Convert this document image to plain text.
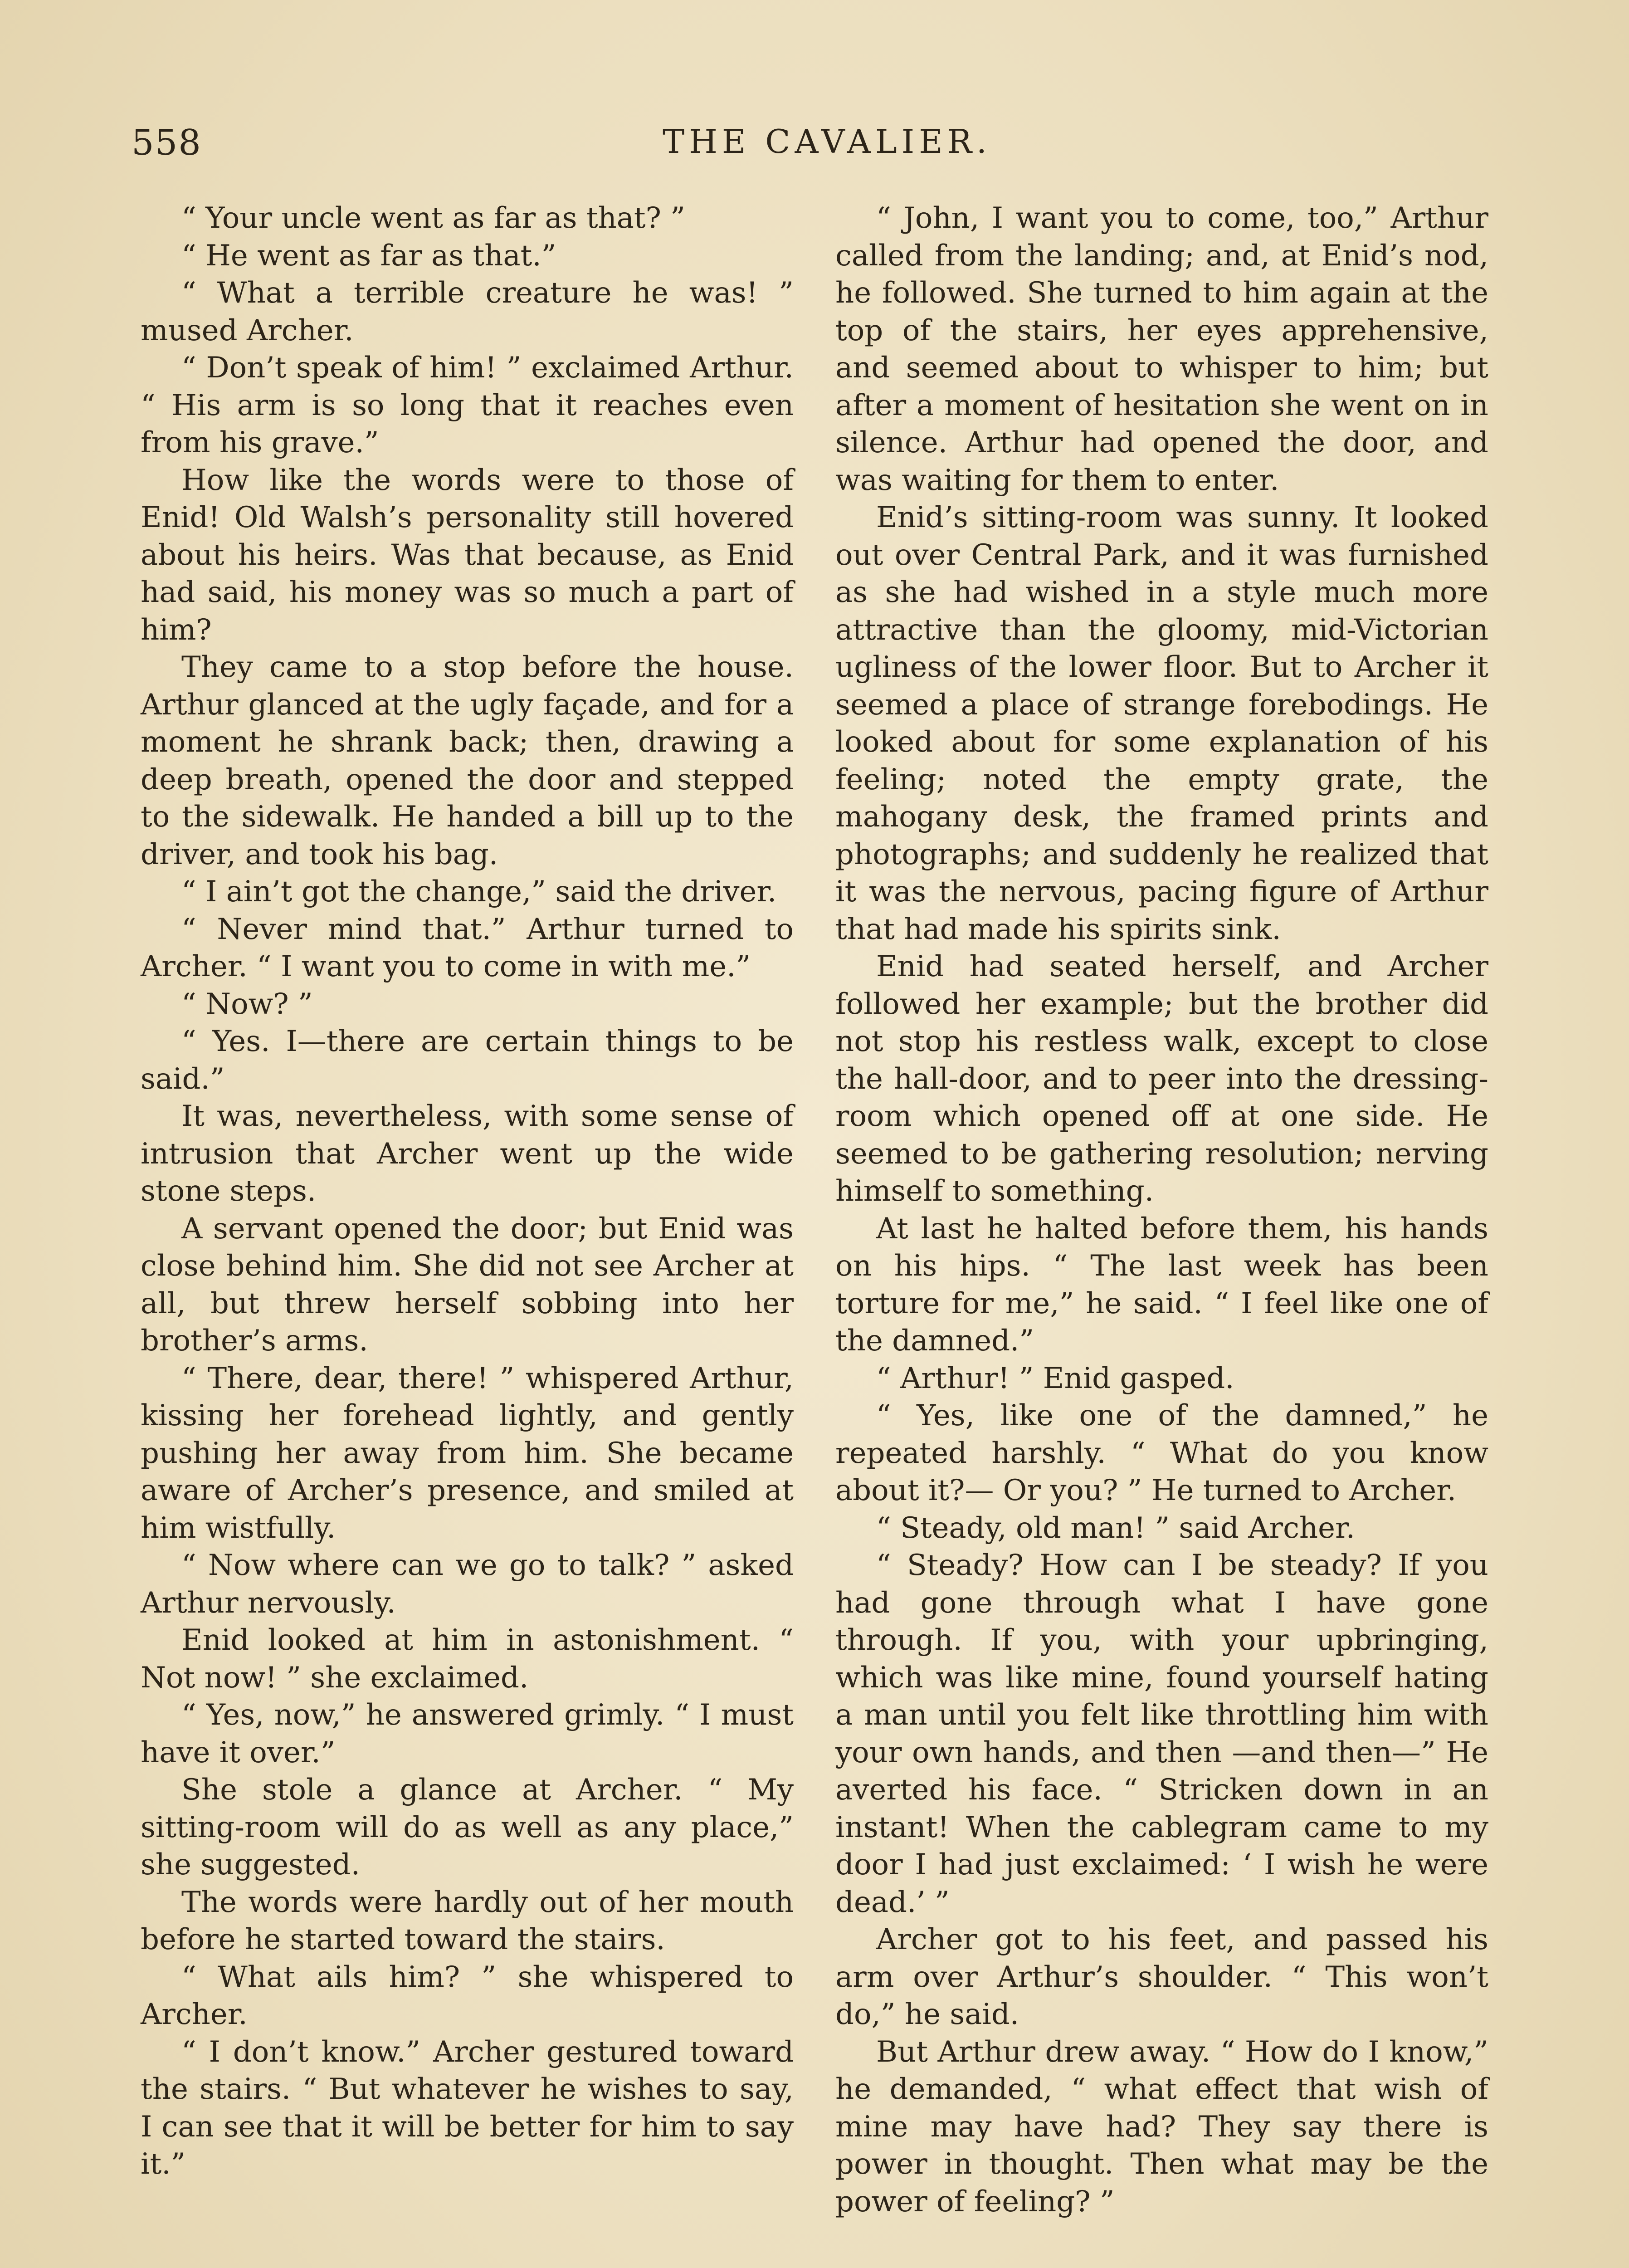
558	THE CAVALIER.

“ Your uncle went as far as that? ”

“ He went as far as that.”

“ What a terrible creature he was! ” mused Archer.

“ Don’t speak of him! ” exclaimed Arthur. “ His arm is so long that it reaches even from his grave.”

How like the words were to those of Enid! Old Walsh’s personality still hovered about his heirs. Was that because, as Enid had said, his money was so much a part of him?

They came to a stop before the house. Arthur glanced at the ugly façade, and for a moment he shrank back; then, drawing a deep breath, opened the door and stepped to the sidewalk. He handed a bill up to the driver, and took his bag.

“ I ain’t got the change,” said the driver.

“ Never mind that.” Arthur turned to Archer. “ I want you to come in with me.”

“ Now? ”

“ Yes. I—there are certain things to be said.”

It was, nevertheless, with some sense of intrusion that Archer went up the wide stone steps.

A servant opened the door; but Enid was close behind him. She did not see Archer at all, but threw herself sobbing into her brother’s arms.

“ There, dear, there! ” whispered Arthur, kissing her forehead lightly, and gently pushing her away from him. She became aware of Archer’s presence, and smiled at him wistfully.

“ Now where can we go to talk? ” asked Arthur nervously.

Enid looked at him in astonishment. “ Not now! ” she exclaimed.

“ Yes, now,” he answered grimly. “ I must have it over.”

She stole a glance at Archer. “ My sitting-room will do as well as any place,” she suggested.

The words were hardly out of her mouth before he started toward the stairs.

“ What ails him? ” she whispered to Archer.

“ I don’t know.” Archer gestured toward the stairs. “ But whatever he wishes to say, I can see that it will be better for him to say it.”

“ John, I want you to come, too,” Arthur called from the landing; and, at Enid’s nod, he followed. She turned to him again at the top of the stairs, her eyes apprehensive, and seemed about to whisper to him; but after a moment of hesitation she went on in silence. Arthur had opened the door, and was waiting for them to enter.

Enid’s sitting-room was sunny. It looked out over Central Park, and it was furnished as she had wished in a style much more attractive than the gloomy, mid-Victorian ugliness of the lower floor. But to Archer it seemed a place of strange forebodings. He looked about for some explanation of his feeling; noted the empty grate, the mahogany desk, the framed prints and photographs; and suddenly he realized that it was the nervous, pacing figure of Arthur that had made his spirits sink.

Enid had seated herself, and Archer followed her example; but the brother did not stop his restless walk, except to close the hall-door, and to peer into the dressing-room which opened off at one side. He seemed to be gathering resolution; nerving himself to something.

At last he halted before them, his hands on his hips. “ The last week has been torture for me,” he said. “ I feel like one of the damned.”

“ Arthur! ” Enid gasped.

“ Yes, like one of the damned,” he repeated harshly. “ What do you know about it?— Or you? ” He turned to Archer.

“ Steady, old man! ” said Archer.

“ Steady? How can I be steady? If you had gone through what I have gone through. If you, with your upbringing, which was like mine, found yourself hating a man until you felt like throttling him with your own hands, and then —and then—” He averted his face. “ Stricken down in an instant! When the cablegram came to my door I had just exclaimed: ‘ I wish he were dead.’ ”

Archer got to his feet, and passed his arm over Arthur’s shoulder. “ This won’t do,” he said.

But Arthur drew away. “ How do I know,” he demanded, “ what effect that wish of mine may have had? They say there is power in thought. Then what may be the power of feeling? ”
